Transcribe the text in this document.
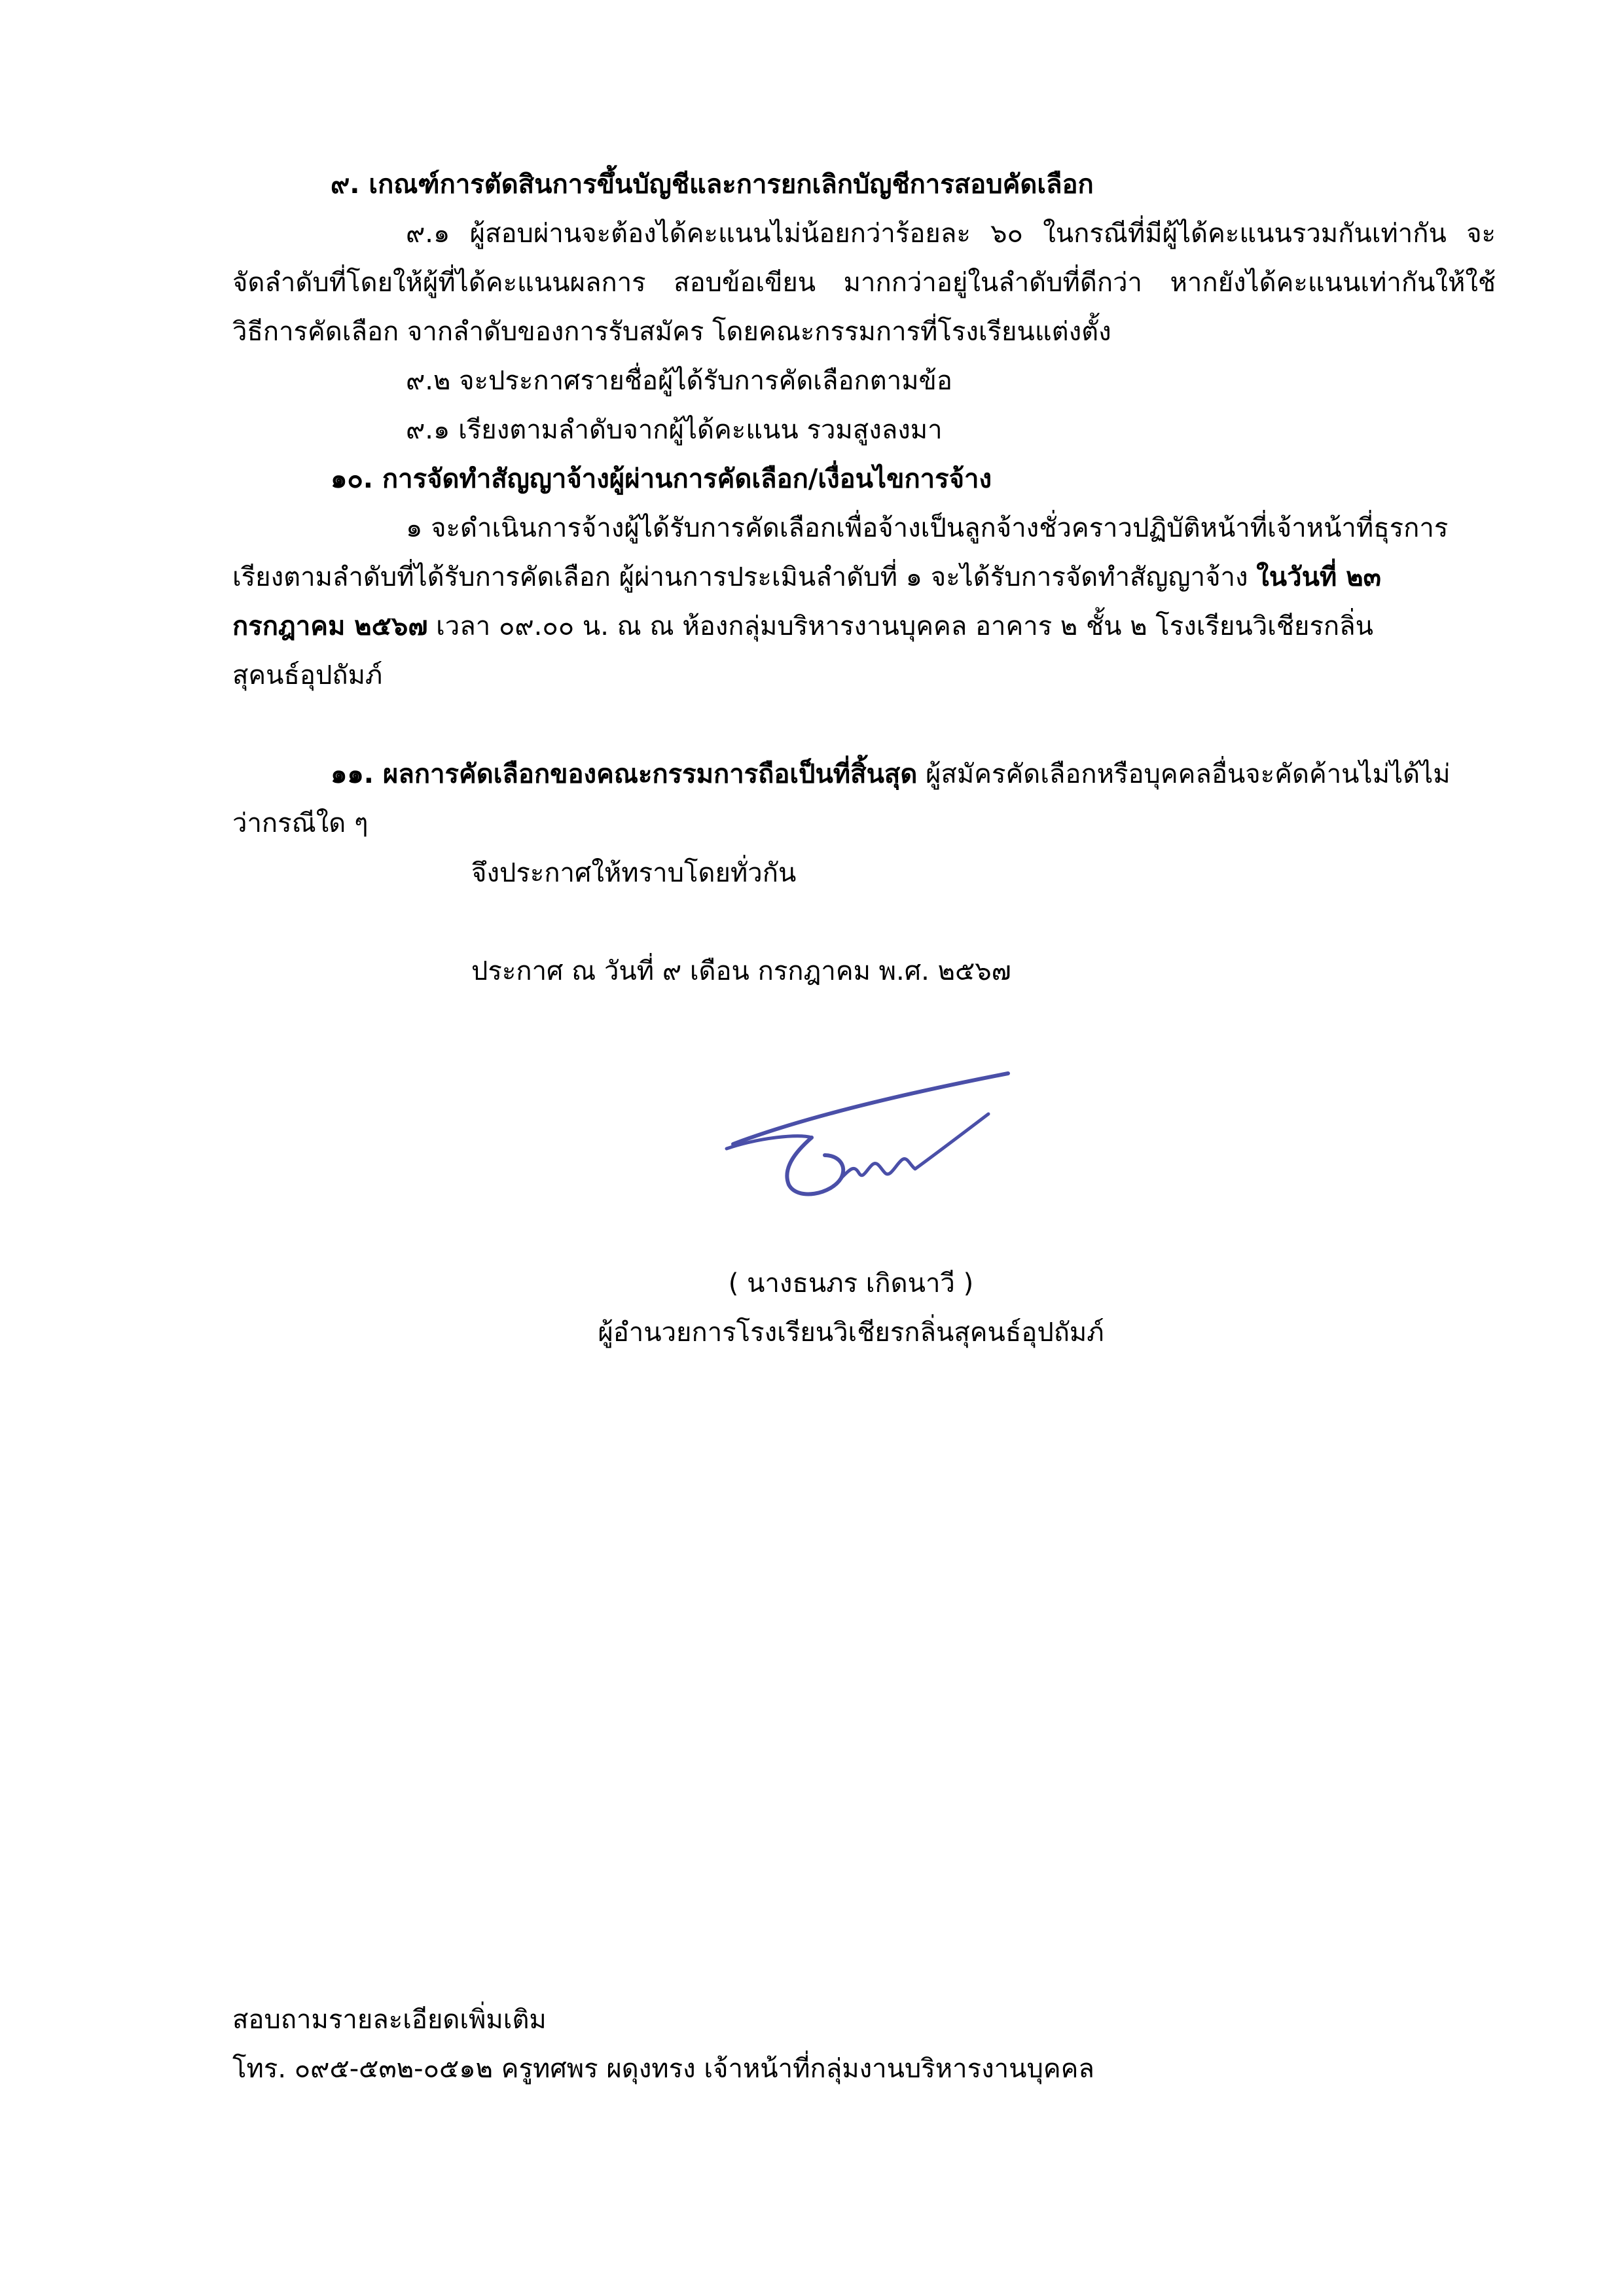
๙. เกณฑ์การตัดสินการขึ้นบัญชีและการยกเลิกบัญชีการสอบคัดเลือก
๙.๑ ผู้สอบผ่านจะต้องได้คะแนนไม่น้อยกว่าร้อยละ ๖๐ ในกรณีที่มีผู้ได้คะแนนรวมกันเท่ากัน จะ
จัดลำดับที่โดยให้ผู้ที่ได้คะแนนผลการ สอบข้อเขียน มากกว่าอยู่ในลำดับที่ดีกว่า หากยังได้คะแนนเท่ากันให้ใช้
วิธีการคัดเลือก จากลำดับของการรับสมัคร โดยคณะกรรมการที่โรงเรียนแต่งตั้ง
๙.๒ จะประกาศรายชื่อผู้ได้รับการคัดเลือกตามข้อ
๙.๑ เรียงตามลำดับจากผู้ได้คะแนน รวมสูงลงมา
๑๐. การจัดทำสัญญาจ้างผู้ผ่านการคัดเลือก/เงื่อนไขการจ้าง
๑ จะดำเนินการจ้างผู้ได้รับการคัดเลือกเพื่อจ้างเป็นลูกจ้างชั่วคราวปฏิบัติหน้าที่เจ้าหน้าที่ธุรการ
เรียงตามลำดับที่ได้รับการคัดเลือก ผู้ผ่านการประเมินลำดับที่ ๑ จะได้รับการจัดทำสัญญาจ้าง ในวันที่ ๒๓
กรกฎาคม ๒๕๖๗ เวลา ๐๙.๐๐ น. ณ ณ ห้องกลุ่มบริหารงานบุคคล อาคาร ๒ ชั้น ๒ โรงเรียนวิเชียรกลิ่น
สุคนธ์อุปถัมภ์
๑๑. ผลการคัดเลือกของคณะกรรมการถือเป็นที่สิ้นสุด ผู้สมัครคัดเลือกหรือบุคคลอื่นจะคัดค้านไม่ได้ไม่
ว่ากรณีใด ๆ
จึงประกาศให้ทราบโดยทั่วกัน
ประกาศ ณ วันที่ ๙ เดือน กรกฎาคม พ.ศ. ๒๕๖๗
( นางธนภร เกิดนาวี )
ผู้อำนวยการโรงเรียนวิเชียรกลิ่นสุคนธ์อุปถัมภ์
สอบถามรายละเอียดเพิ่มเติม
โทร. ๐๙๕-๕๓๒-๐๕๑๒ ครูทศพร ผดุงทรง เจ้าหน้าที่กลุ่มงานบริหารงานบุคคล
